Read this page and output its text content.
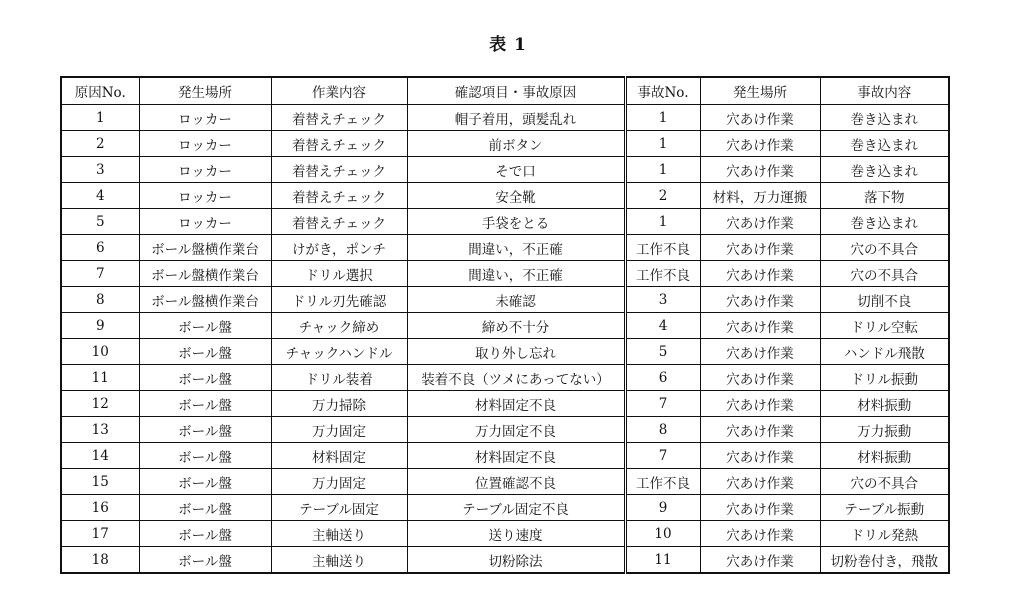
表 1
原因No.	発生場所	作業内容	確認項目・事故原因	事故No.	発生場所	事故内容
1	ロッカー	着替えチェック	帽子着用，頭髪乱れ	1	穴あけ作業	巻き込まれ
2	ロッカー	着替えチェック	前ボタン	1	穴あけ作業	巻き込まれ
3	ロッカー	着替えチェック	そで口	1	穴あけ作業	巻き込まれ
4	ロッカー	着替えチェック	安全靴	2	材料，万力運搬	落下物
5	ロッカー	着替えチェック	手袋をとる	1	穴あけ作業	巻き込まれ
6	ボール盤横作業台	けがき，ポンチ	間違い，不正確	工作不良	穴あけ作業	穴の不具合
7	ボール盤横作業台	ドリル選択	間違い，不正確	工作不良	穴あけ作業	穴の不具合
8	ボール盤横作業台	ドリル刃先確認	未確認	3	穴あけ作業	切削不良
9	ボール盤	チャック締め	締め不十分	4	穴あけ作業	ドリル空転
10	ボール盤	チャックハンドル	取り外し忘れ	5	穴あけ作業	ハンドル飛散
11	ボール盤	ドリル装着	装着不良（ツメにあってない）	6	穴あけ作業	ドリル振動
12	ボール盤	万力掃除	材料固定不良	7	穴あけ作業	材料振動
13	ボール盤	万力固定	万力固定不良	8	穴あけ作業	万力振動
14	ボール盤	材料固定	材料固定不良	7	穴あけ作業	材料振動
15	ボール盤	万力固定	位置確認不良	工作不良	穴あけ作業	穴の不具合
16	ボール盤	テーブル固定	テーブル固定不良	9	穴あけ作業	テーブル振動
17	ボール盤	主軸送り	送り速度	10	穴あけ作業	ドリル発熱
18	ボール盤	主軸送り	切粉除法	11	穴あけ作業	切粉巻付き，飛散
